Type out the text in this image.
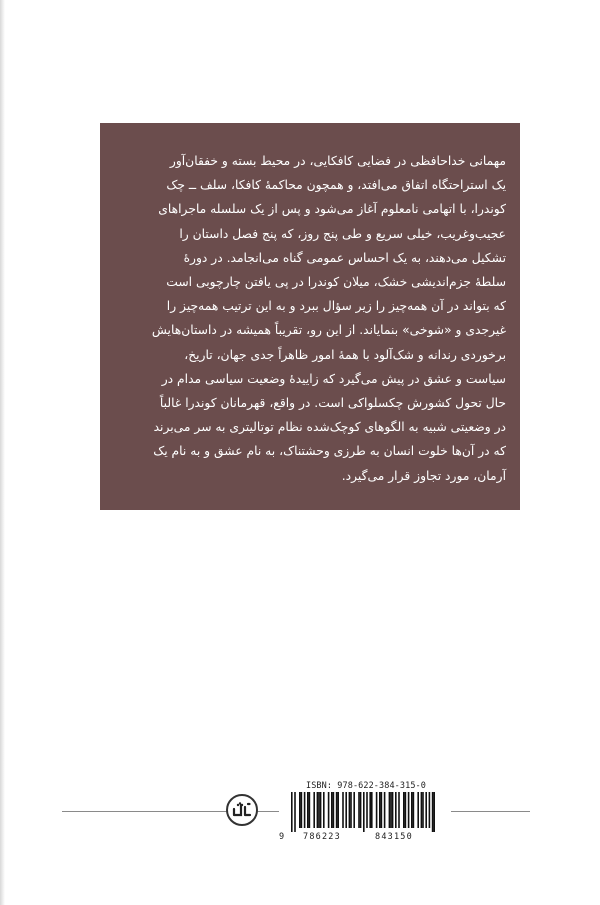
مهمانی خداحافظی در فضایی کافکایی، در محیط بسته و خفقان‌آور
یک استراحتگاه اتفاق می‌افتد، و همچون محاکمهٔ کافکا، سلف ــ چک
کوندرا، با اتهامی نامعلوم آغاز می‌شود و پس از یک سلسله ماجراهای
عجیب‌وغریب، خیلی سریع و طی پنج روز، که پنج فصل داستان را
تشکیل می‌دهند، به یک احساس عمومی گناه می‌انجامد. در دورهٔ
سلطهٔ جزم‌اندیشی خشک، میلان کوندرا در پی یافتن چارچوبی است
که بتواند در آن همه‌چیز را زیر سؤال ببرد و به این ترتیب همه‌چیز را
غیرجدی و «شوخی» بنمایاند. از این رو، تقریباً همیشه در داستان‌هایش
برخوردی رندانه و شک‌آلود با همهٔ امور ظاهراً جدی جهان، تاریخ،
سیاست و عشق در پیش می‌گیرد که زاییدهٔ وضعیت سیاسی مدام در
حال تحول کشورش چکسلواکی است. در واقع، قهرمانان کوندرا غالباً
در وضعیتی شبیه به الگوهای کوچک‌شده نظام توتالیتری به سر می‌برند
که در آن‌ها خلوت انسان به طرزی وحشتناک، به نام عشق و به نام یک
آرمان، مورد تجاوز قرار می‌گیرد.

ISBN: 978-622-384-315-0
9 786223	843150
